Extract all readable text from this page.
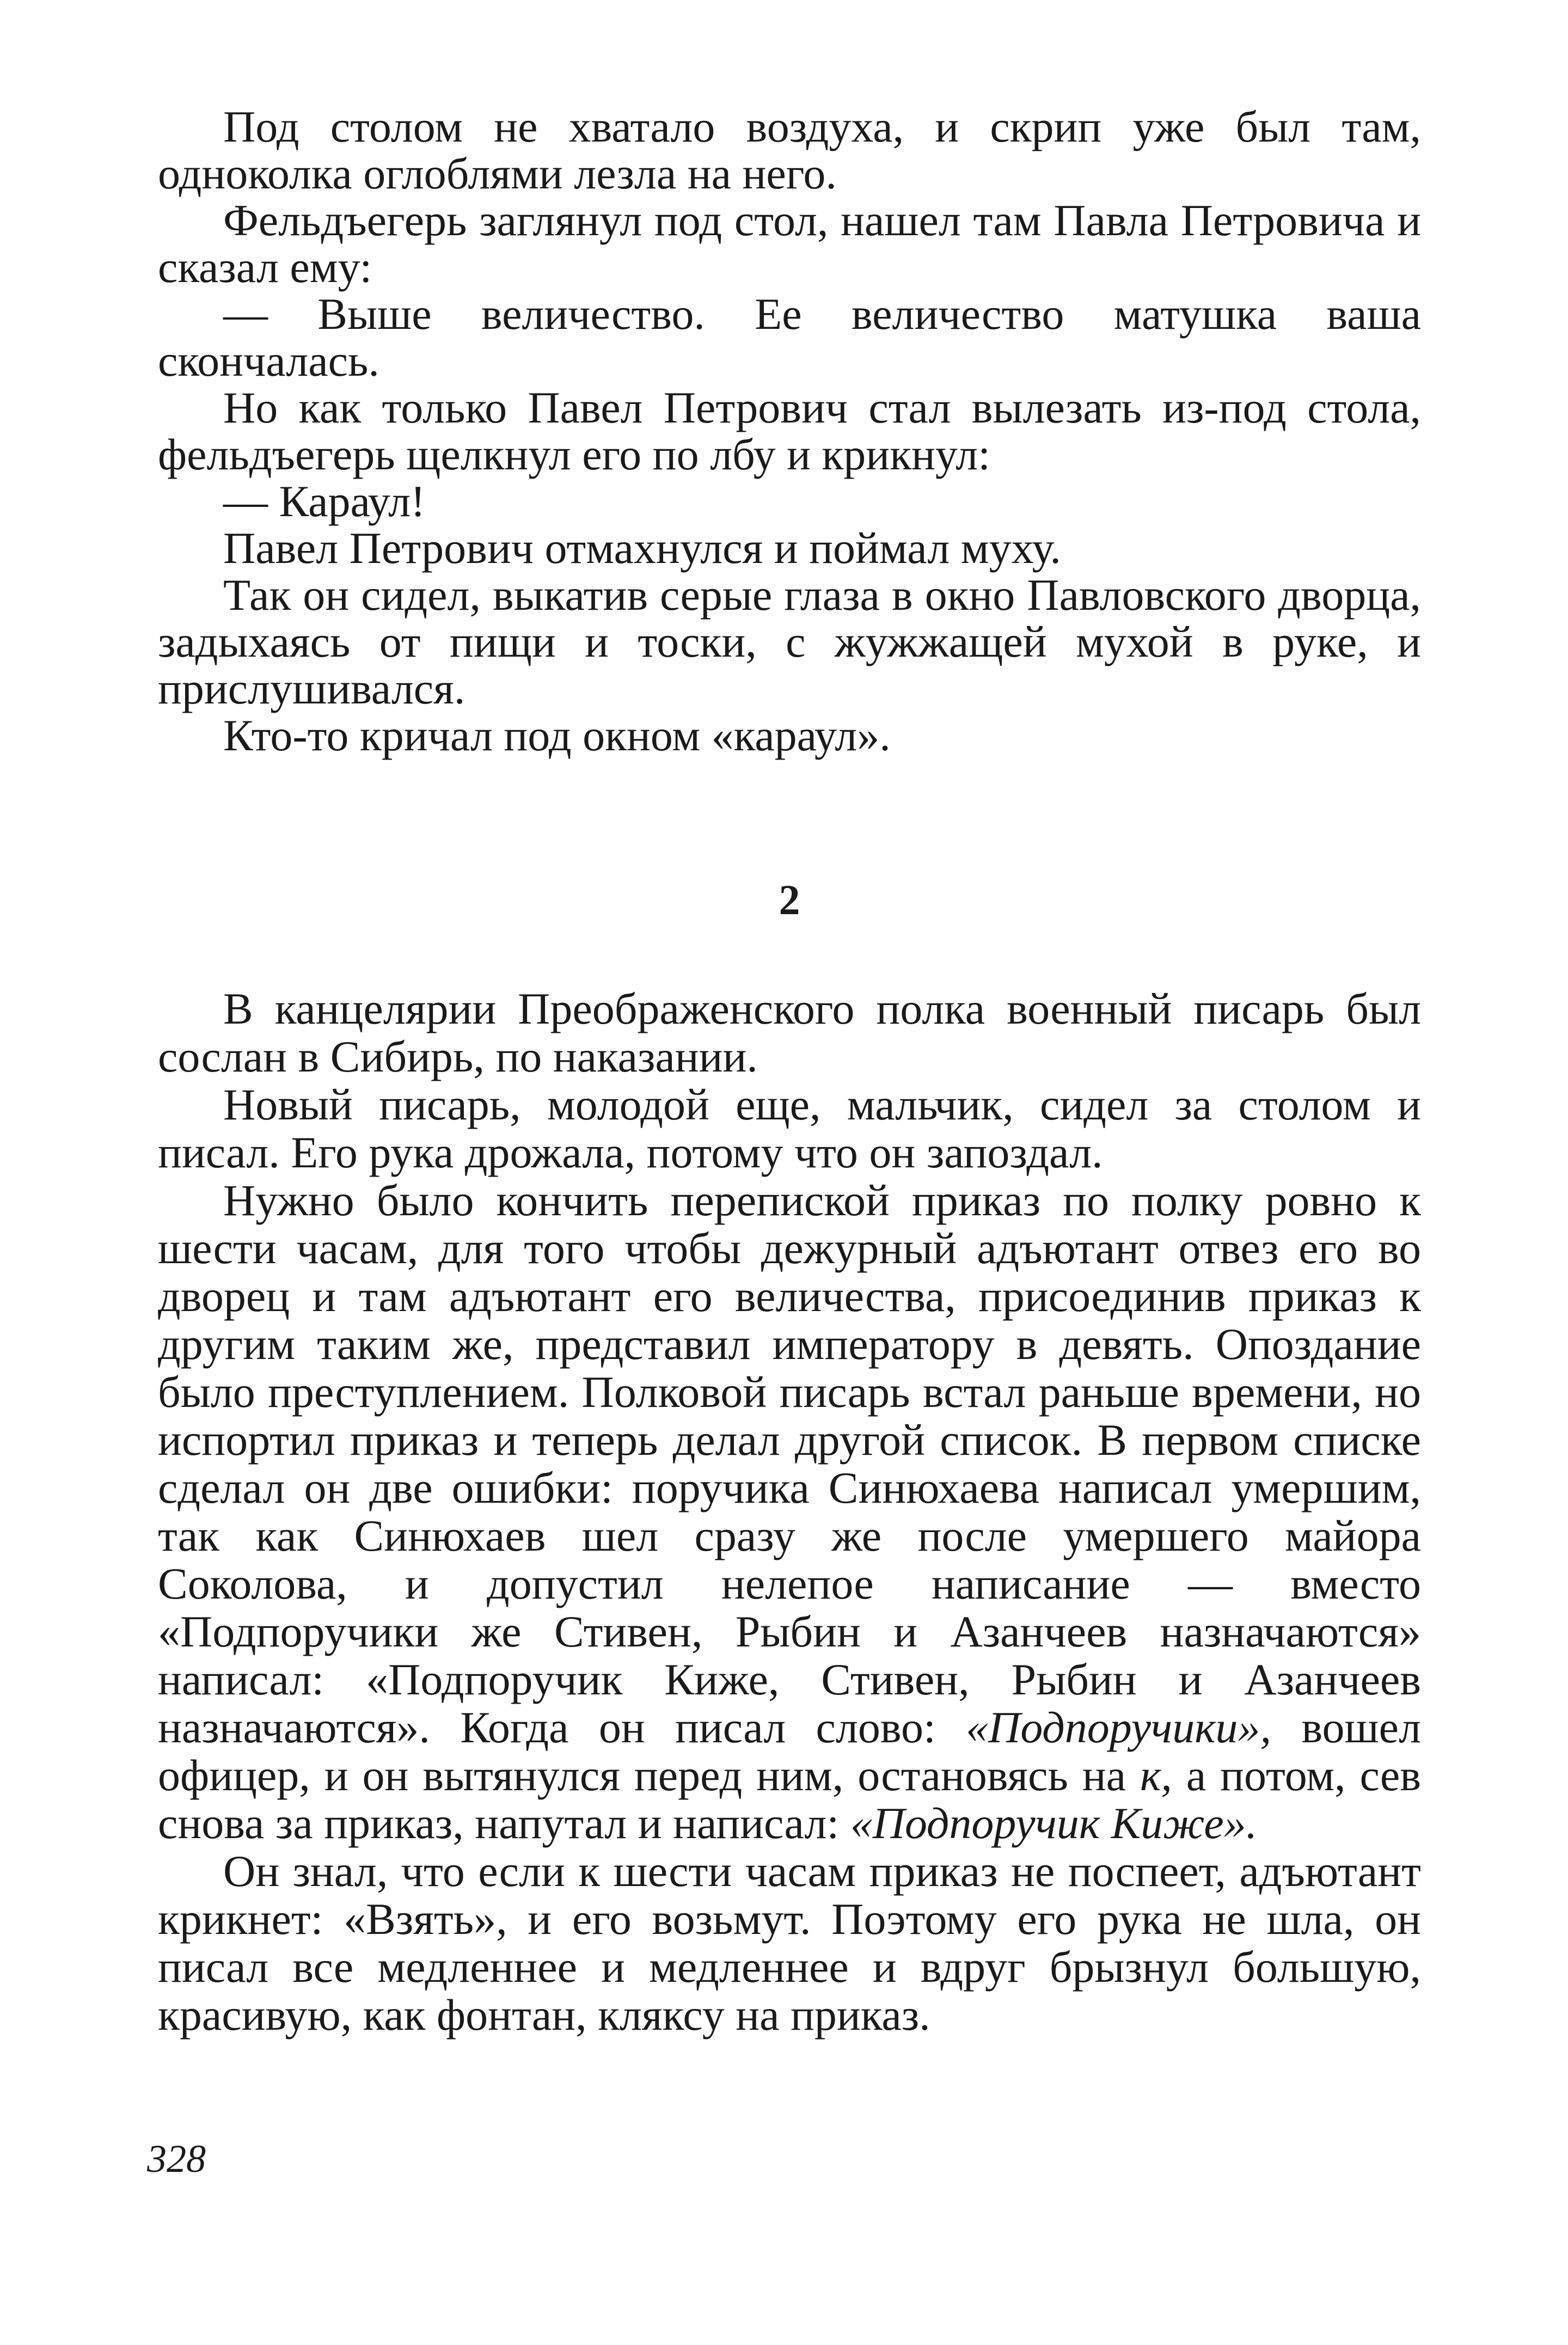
Под столом не хватало воздуха, и скрип уже был там, одноколка оглоблями лезла на него.

Фельдъегерь заглянул под стол, нашел там Павла Петровича и сказал ему:

— Выше величество. Ее величество матушка ваша скончалась.

Но как только Павел Петрович стал вылезать из-под стола, фельдъегерь щелкнул его по лбу и крикнул:

— Караул!

Павел Петрович отмахнулся и поймал муху.

Так он сидел, выкатив серые глаза в окно Павловского дворца, задыхаясь от пищи и тоски, с жужжащей мухой в руке, и прислушивался.

Кто-то кричал под окном «караул».

2

В канцелярии Преображенского полка военный писарь был сослан в Сибирь, по наказании.

Новый писарь, молодой еще, мальчик, сидел за столом и писал. Его рука дрожала, потому что он запоздал.

Нужно было кончить перепиской приказ по полку ровно к шести часам, для того чтобы дежурный адъютант отвез его во дворец и там адъютант его величества, присоединив приказ к другим таким же, представил императору в девять. Опоздание было преступлением. Полковой писарь встал раньше времени, но испортил приказ и теперь делал другой список. В первом списке сделал он две ошибки: поручика Синюхаева написал умершим, так как Синюхаев шел сразу же после умершего майора Соколова, и допустил нелепое написание — вместо «Подпоручики же Стивен, Рыбин и Азанчеев назначаются» написал: «Подпоручик Киже, Стивен, Рыбин и Азанчеев назначаются». Когда он писал слово: «Подпоручики», вошел офицер, и он вытянулся перед ним, остановясь на к, а потом, сев снова за приказ, напутал и написал: «Подпоручик Киже».

Он знал, что если к шести часам приказ не поспеет, адъютант крикнет: «Взять», и его возьмут. Поэтому его рука не шла, он писал все медленнее и медленнее и вдруг брызнул большую, красивую, как фонтан, кляксу на приказ.

328
